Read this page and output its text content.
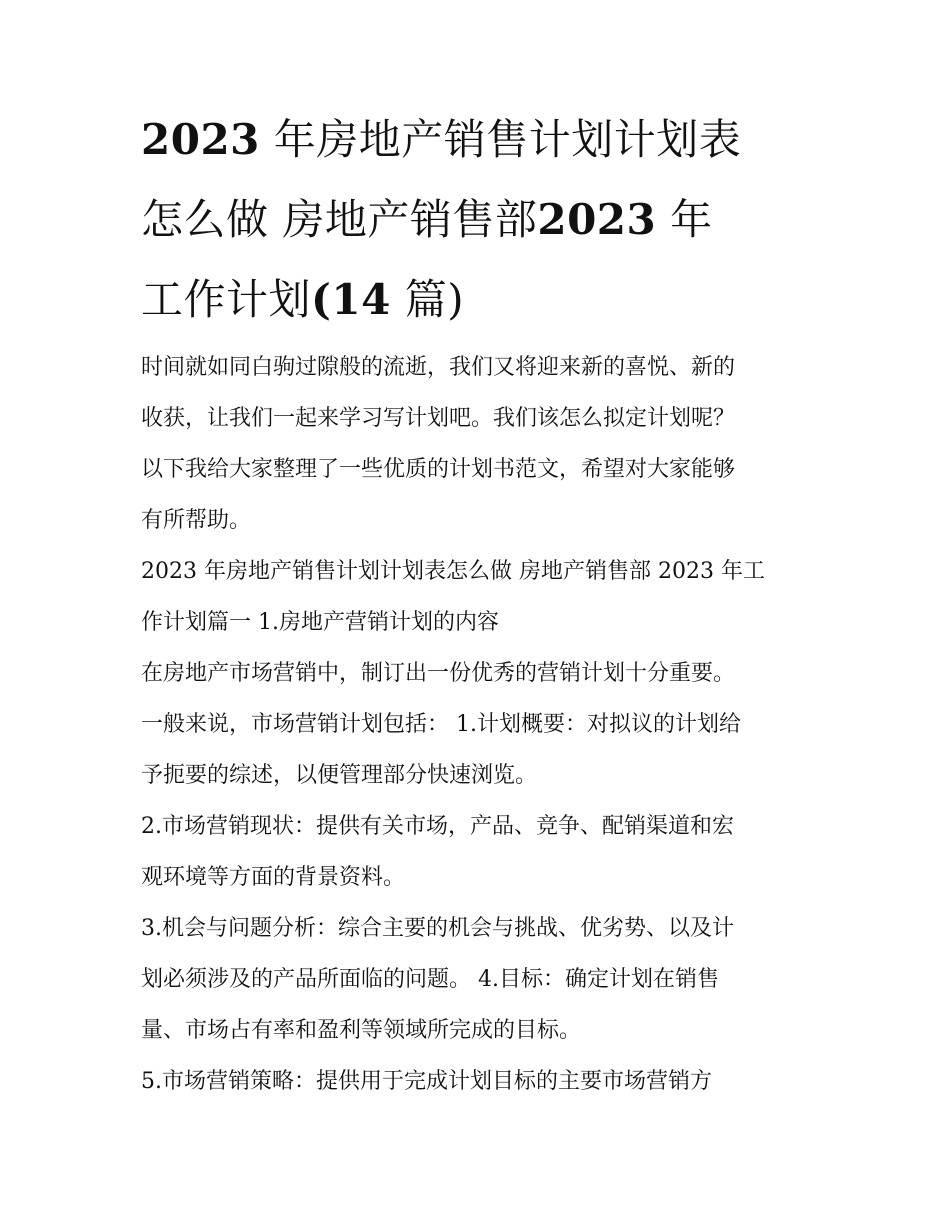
2023 年房地产销售计划计划表
怎么做 房地产销售部2023 年
工作计划(14 篇)

时间就如同白驹过隙般的流逝，我们又将迎来新的喜悦、新的
收获，让我们一起来学习写计划吧。我们该怎么拟定计划呢？
以下我给大家整理了一些优质的计划书范文，希望对大家能够
有所帮助。

2023 年房地产销售计划计划表怎么做 房地产销售部 2023 年工
作计划篇一 1.房地产营销计划的内容

在房地产市场营销中，制订出一份优秀的营销计划十分重要。
一般来说，市场营销计划包括： 1.计划概要：对拟议的计划给
予扼要的综述，以便管理部分快速浏览。

2.市场营销现状：提供有关市场，产品、竞争、配销渠道和宏
观环境等方面的背景资料。

3.机会与问题分析：综合主要的机会与挑战、优劣势、以及计
划必须涉及的产品所面临的问题。 4.目标：确定计划在销售
量、市场占有率和盈利等领域所完成的目标。

5.市场营销策略：提供用于完成计划目标的主要市场营销方
